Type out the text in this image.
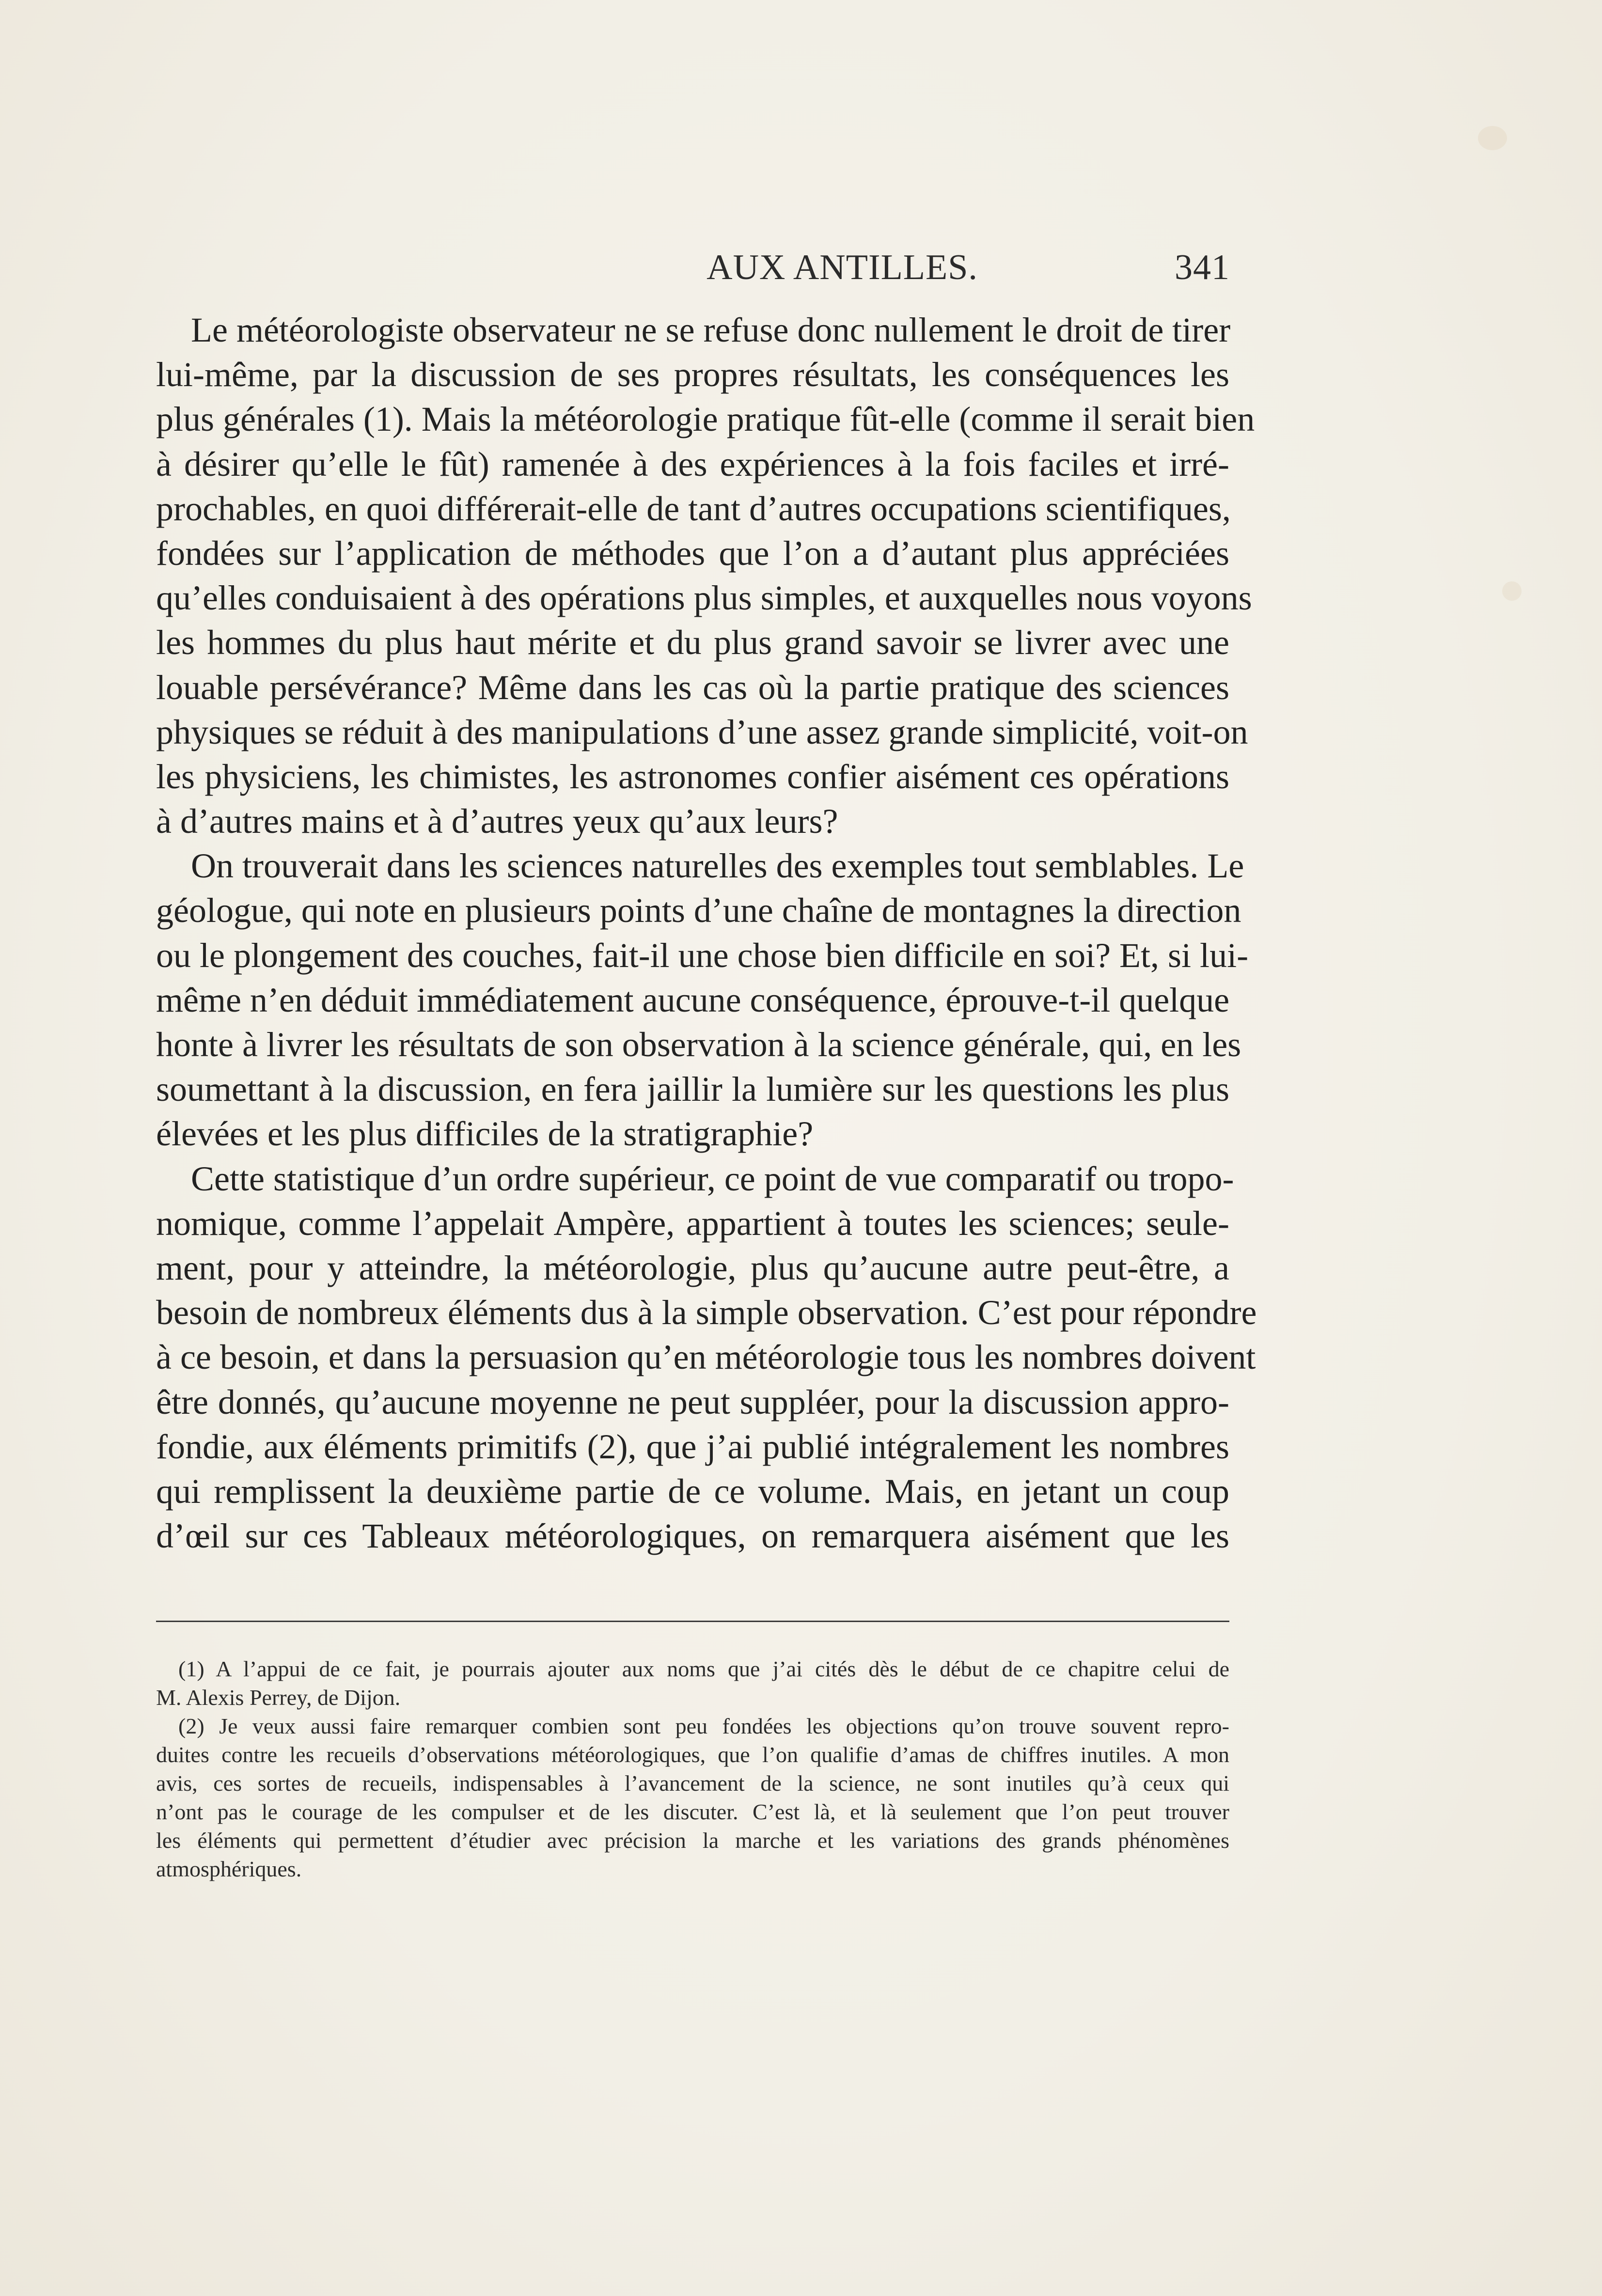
AUX ANTILLES.	341
Le météorologiste observateur ne se refuse donc nullement le droit de tirer
lui-même, par la discussion de ses propres résultats, les conséquences les
plus générales (1). Mais la météorologie pratique fût-elle (comme il serait bien
à désirer qu’elle le fût) ramenée à des expériences à la fois faciles et irré-
prochables, en quoi différerait-elle de tant d’autres occupations scientifiques,
fondées sur l’application de méthodes que l’on a d’autant plus appréciées
qu’elles conduisaient à des opérations plus simples, et auxquelles nous voyons
les hommes du plus haut mérite et du plus grand savoir se livrer avec une
louable persévérance? Même dans les cas où la partie pratique des sciences
physiques se réduit à des manipulations d’une assez grande simplicité, voit-on
les physiciens, les chimistes, les astronomes confier aisément ces opérations
à d’autres mains et à d’autres yeux qu’aux leurs?
On trouverait dans les sciences naturelles des exemples tout semblables. Le
géologue, qui note en plusieurs points d’une chaîne de montagnes la direction
ou le plongement des couches, fait-il une chose bien difficile en soi? Et, si lui-
même n’en déduit immédiatement aucune conséquence, éprouve-t-il quelque
honte à livrer les résultats de son observation à la science générale, qui, en les
soumettant à la discussion, en fera jaillir la lumière sur les questions les plus
élevées et les plus difficiles de la stratigraphie?
Cette statistique d’un ordre supérieur, ce point de vue comparatif ou tropo-
nomique, comme l’appelait Ampère, appartient à toutes les sciences; seule-
ment, pour y atteindre, la météorologie, plus qu’aucune autre peut-être, a
besoin de nombreux éléments dus à la simple observation. C’est pour répondre
à ce besoin, et dans la persuasion qu’en météorologie tous les nombres doivent
être donnés, qu’aucune moyenne ne peut suppléer, pour la discussion appro-
fondie, aux éléments primitifs (2), que j’ai publié intégralement les nombres
qui remplissent la deuxième partie de ce volume. Mais, en jetant un coup
d’œil sur ces Tableaux météorologiques, on remarquera aisément que les
(1) A l’appui de ce fait, je pourrais ajouter aux noms que j’ai cités dès le début de ce chapitre celui de
M. Alexis Perrey, de Dijon.
(2) Je veux aussi faire remarquer combien sont peu fondées les objections qu’on trouve souvent repro-
duites contre les recueils d’observations météorologiques, que l’on qualifie d’amas de chiffres inutiles. A mon
avis, ces sortes de recueils, indispensables à l’avancement de la science, ne sont inutiles qu’à ceux qui
n’ont pas le courage de les compulser et de les discuter. C’est là, et là seulement que l’on peut trouver
les éléments qui permettent d’étudier avec précision la marche et les variations des grands phénomènes
atmosphériques.
